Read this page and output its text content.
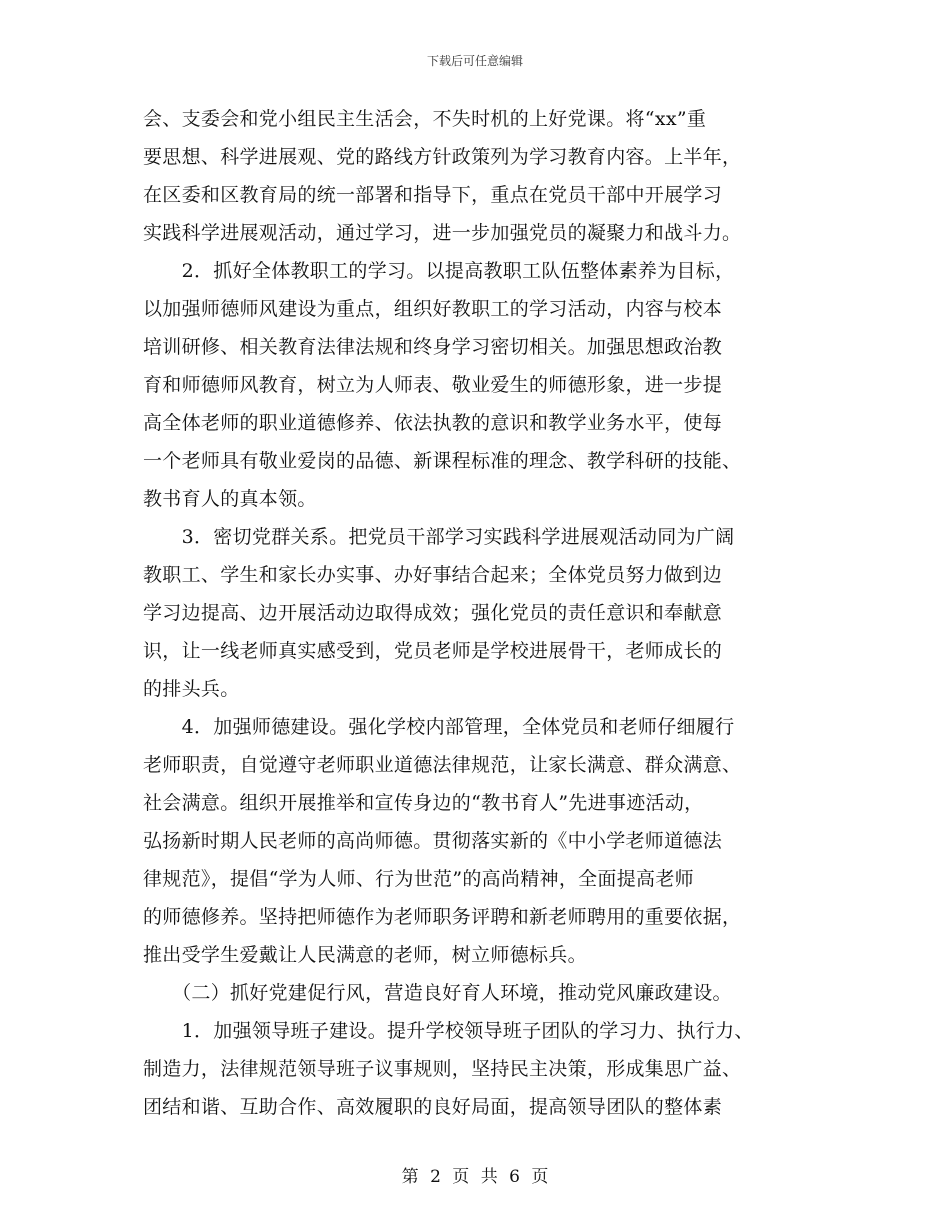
下载后可任意编辑
会、支委会和党小组民主生活会，不失时机的上好党课。将“xx”重
要思想、科学进展观、党的路线方针政策列为学习教育内容。上半年，
在区委和区教育局的统一部署和指导下，重点在党员干部中开展学习
实践科学进展观活动，通过学习，进一步加强党员的凝聚力和战斗力。
　　2．抓好全体教职工的学习。以提高教职工队伍整体素养为目标，
以加强师德师风建设为重点，组织好教职工的学习活动，内容与校本
培训研修、相关教育法律法规和终身学习密切相关。加强思想政治教
育和师德师风教育，树立为人师表、敬业爱生的师德形象，进一步提
高全体老师的职业道德修养、依法执教的意识和教学业务水平，使每
一个老师具有敬业爱岗的品德、新课程标准的理念、教学科研的技能、
教书育人的真本领。
　　3．密切党群关系。把党员干部学习实践科学进展观活动同为广阔
教职工、学生和家长办实事、办好事结合起来；全体党员努力做到边
学习边提高、边开展活动边取得成效；强化党员的责任意识和奉献意
识，让一线老师真实感受到，党员老师是学校进展骨干，老师成长的
的排头兵。
　　4．加强师德建设。强化学校内部管理，全体党员和老师仔细履行
老师职责，自觉遵守老师职业道德法律规范，让家长满意、群众满意、
社会满意。组织开展推举和宣传身边的“教书育人”先进事迹活动，
弘扬新时期人民老师的高尚师德。贯彻落实新的《中小学老师道德法
律规范》，提倡“学为人师、行为世范”的高尚精神，全面提高老师
的师德修养。坚持把师德作为老师职务评聘和新老师聘用的重要依据，
推出受学生爱戴让人民满意的老师，树立师德标兵。
　　（二）抓好党建促行风，营造良好育人环境，推动党风廉政建设。
　　1．加强领导班子建设。提升学校领导班子团队的学习力、执行力、
制造力，法律规范领导班子议事规则，坚持民主决策，形成集思广益、
团结和谐、互助合作、高效履职的良好局面，提高领导团队的整体素
第 2 页 共 6 页
